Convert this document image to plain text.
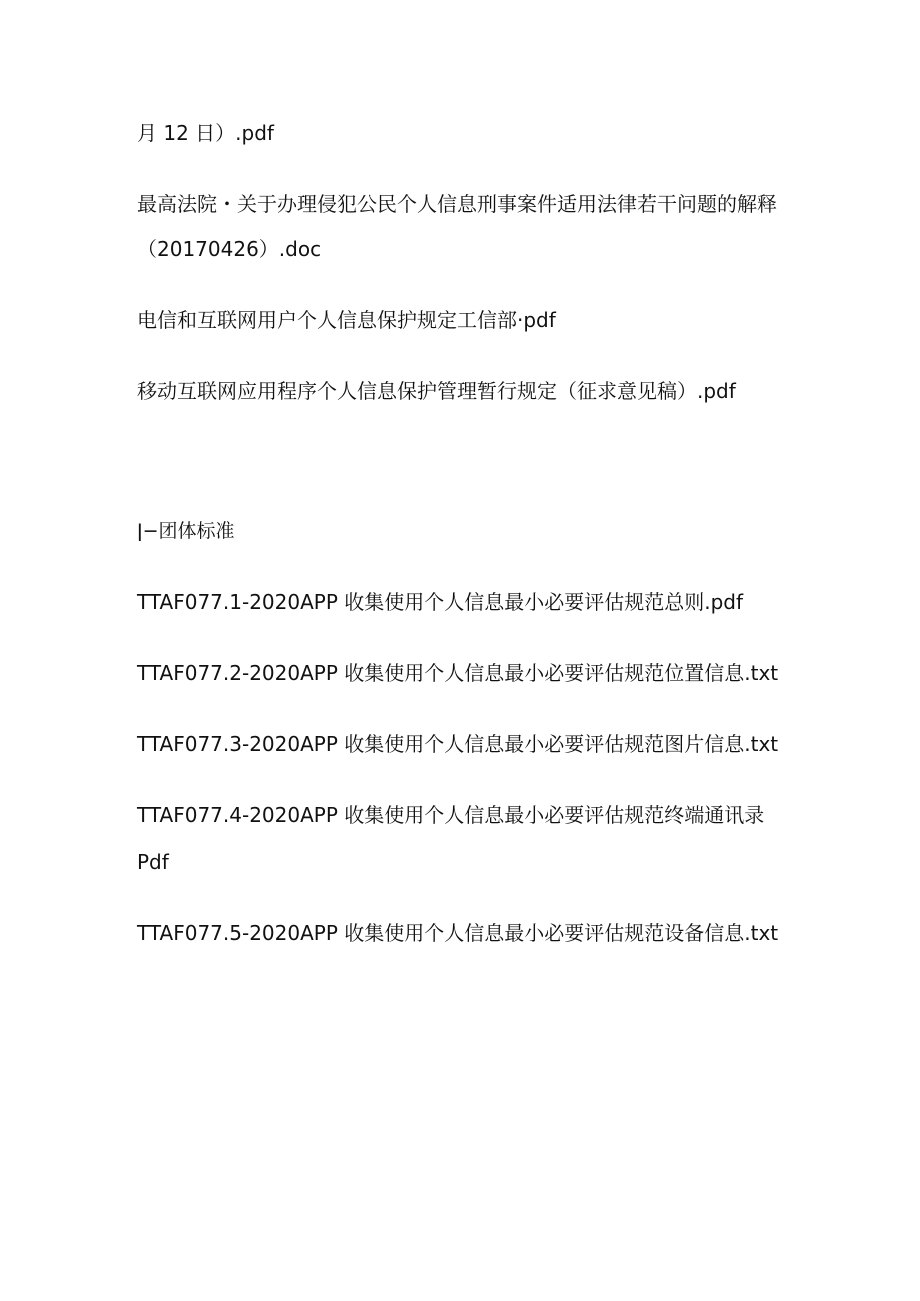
月 12 日）.pdf
最高法院・关于办理侵犯公民个人信息刑事案件适用法律若干问题的解释
（20170426）.doc
电信和互联网用户个人信息保护规定工信部·pdf
移动互联网应用程序个人信息保护管理暂行规定（征求意见稿）.pdf
ǀ−团体标准
TTAF077.1-2020APP 收集使用个人信息最小必要评估规范总则.pdf
TTAF077.2-2020APP 收集使用个人信息最小必要评估规范位置信息.txt
TTAF077.3-2020APP 收集使用个人信息最小必要评估规范图片信息.txt
TTAF077.4-2020APP 收集使用个人信息最小必要评估规范终端通讯录
Pdf
TTAF077.5-2020APP 收集使用个人信息最小必要评估规范设备信息.txt
